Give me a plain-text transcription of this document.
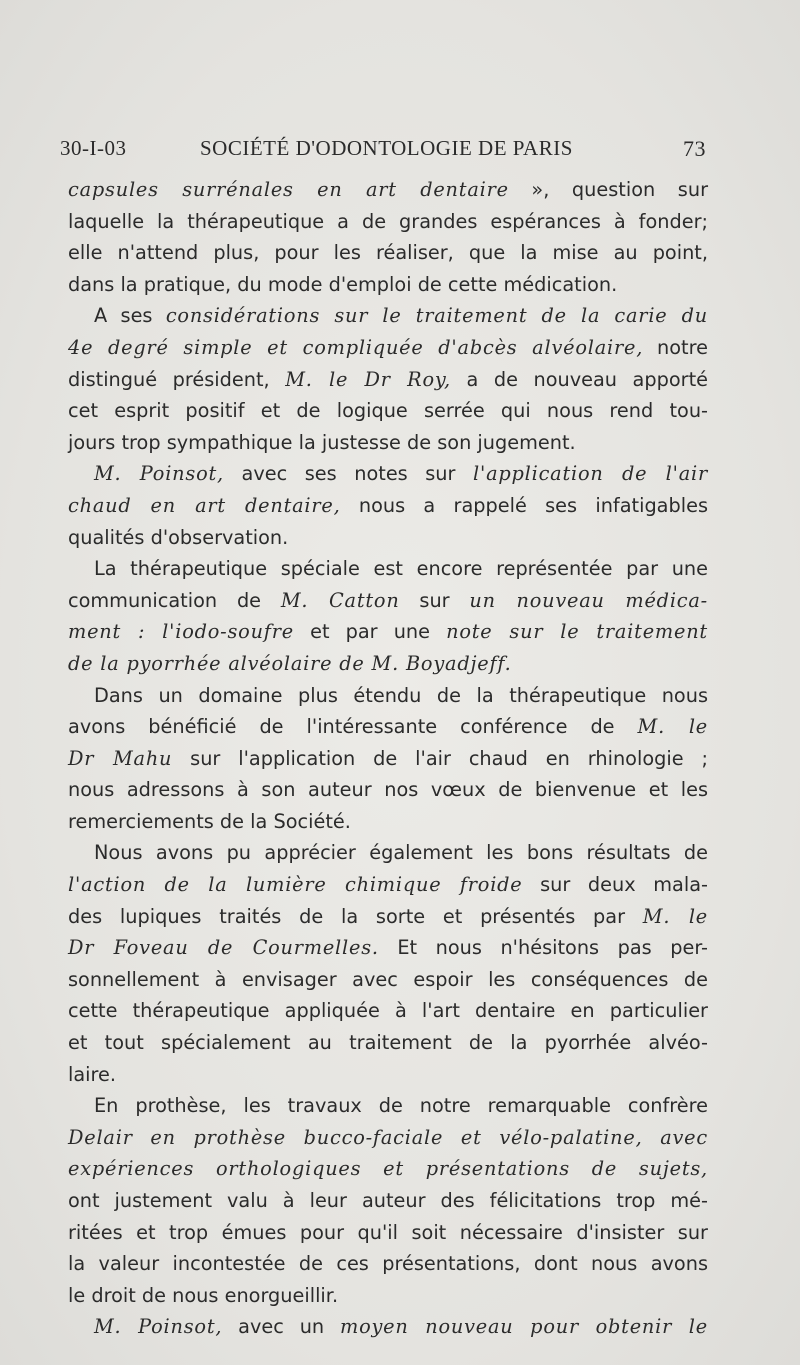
30-I-03	SOCIÉTÉ D'ODONTOLOGIE DE PARIS	73
capsules surrénales en art dentaire », question sur
laquelle la thérapeutique a de grandes espérances à fonder;
elle n'attend plus, pour les réaliser, que la mise au point,
dans la pratique, du mode d'emploi de cette médication.
A ses considérations sur le traitement de la carie du
4e degré simple et compliquée d'abcès alvéolaire, notre
distingué président, M. le Dr Roy, a de nouveau apporté
cet esprit positif et de logique serrée qui nous rend tou-
jours trop sympathique la justesse de son jugement.
M. Poinsot, avec ses notes sur l'application de l'air
chaud en art dentaire, nous a rappelé ses infatigables
qualités d'observation.
La thérapeutique spéciale est encore représentée par une
communication de M. Catton sur un nouveau médica-
ment : l'iodo-soufre et par une note sur le traitement
de la pyorrhée alvéolaire de M. Boyadjeff.
Dans un domaine plus étendu de la thérapeutique nous
avons bénéficié de l'intéressante conférence de M. le
Dr Mahu sur l'application de l'air chaud en rhinologie ;
nous adressons à son auteur nos vœux de bienvenue et les
remerciements de la Société.
Nous avons pu apprécier également les bons résultats de
l'action de la lumière chimique froide sur deux mala-
des lupiques traités de la sorte et présentés par M. le
Dr Foveau de Courmelles. Et nous n'hésitons pas per-
sonnellement à envisager avec espoir les conséquences de
cette thérapeutique appliquée à l'art dentaire en particulier
et tout spécialement au traitement de la pyorrhée alvéo-
laire.
En prothèse, les travaux de notre remarquable confrère
Delair en prothèse bucco-faciale et vélo-palatine, avec
expériences orthologiques et présentations de sujets,
ont justement valu à leur auteur des félicitations trop mé-
ritées et trop émues pour qu'il soit nécessaire d'insister sur
la valeur incontestée de ces présentations, dont nous avons
le droit de nous enorgueillir.
M. Poinsot, avec un moyen nouveau pour obtenir le
